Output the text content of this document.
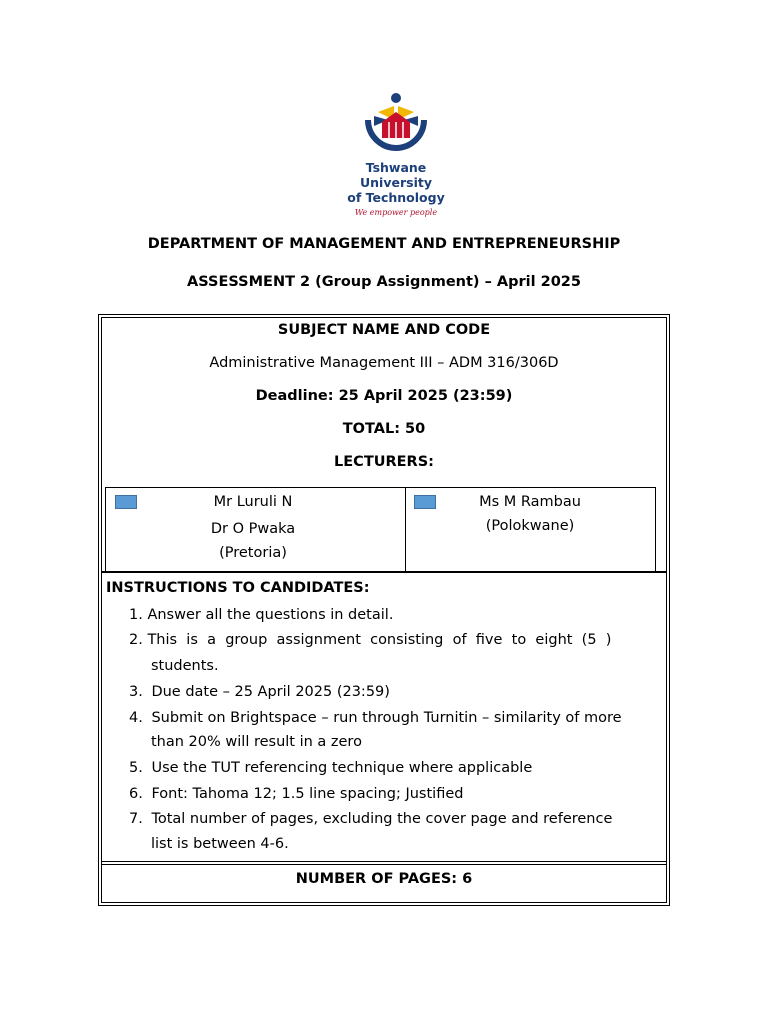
Tshwane University
of Technology
We empower people
DEPARTMENT OF MANAGEMENT AND ENTREPRENEURSHIP
ASSESSMENT 2 (Group Assignment) – April 2025
SUBJECT NAME AND CODE
Administrative Management III – ADM 316/306D
Deadline: 25 April 2025 (23:59)
TOTAL: 50
LECTURERS:
Mr Luruli N
Dr O Pwaka
(Pretoria)
Ms M Rambau
(Polokwane)
INSTRUCTIONS TO CANDIDATES:
1. Answer all the questions in detail.
2. This  is  a  group  assignment  consisting  of  five  to  eight  (5  )
students.
3. Due date – 25 April 2025 (23:59)
4. Submit on Brightspace – run through Turnitin – similarity of more
than 20% will result in a zero
5. Use the TUT referencing technique where applicable
6. Font: Tahoma 12; 1.5 line spacing; Justified
7. Total number of pages, excluding the cover page and reference
list is between 4-6.
NUMBER OF PAGES: 6
